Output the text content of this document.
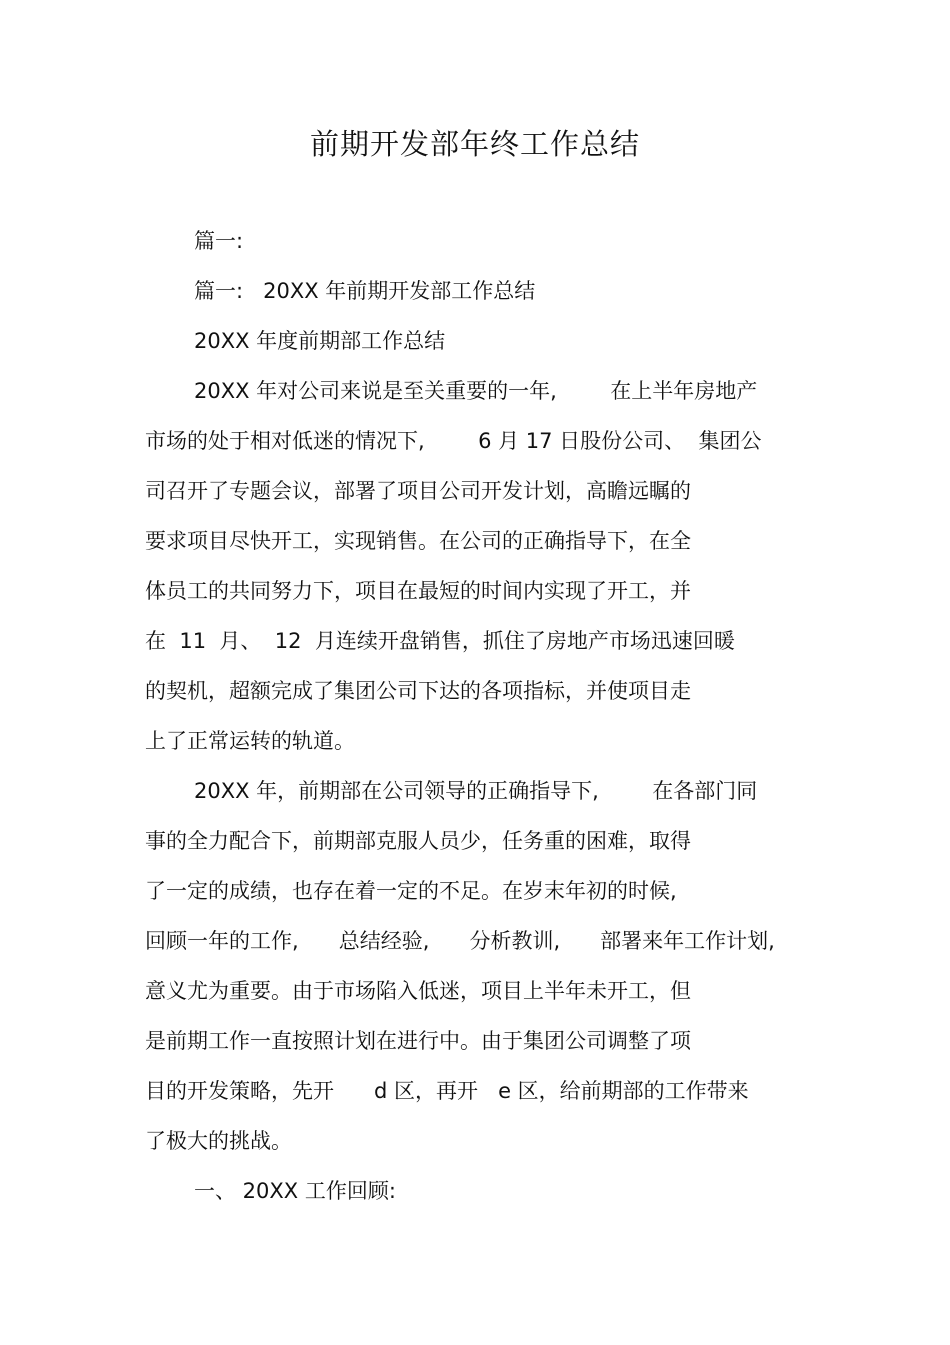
前期开发部年终工作总结

篇一:

篇一:   20XX 年前期开发部工作总结

20XX 年度前期部工作总结

20XX 年对公司来说是至关重要的一年,        在上半年房地产

市场的处于相对低迷的情况下,        6 月 17 日股份公司、  集团公

司召开了专题会议，部署了项目公司开发计划，高瞻远瞩的

要求项目尽快开工，实现销售。在公司的正确指导下，在全

体员工的共同努力下，项目在最短的时间内实现了开工，并

在  11  月、  12  月连续开盘销售，抓住了房地产市场迅速回暖

的契机，超额完成了集团公司下达的各项指标，并使项目走

上了正常运转的轨道。

20XX 年，前期部在公司领导的正确指导下,        在各部门同

事的全力配合下，前期部克服人员少，任务重的困难，取得

了一定的成绩，也存在着一定的不足。在岁末年初的时候,

回顾一年的工作,      总结经验,      分析教训,      部署来年工作计划,

意义尤为重要。由于市场陷入低迷，项目上半年未开工，但

是前期工作一直按照计划在进行中。由于集团公司调整了项

目的开发策略，先开      d 区，再开   e 区，给前期部的工作带来

了极大的挑战。

一、 20XX 工作回顾:
